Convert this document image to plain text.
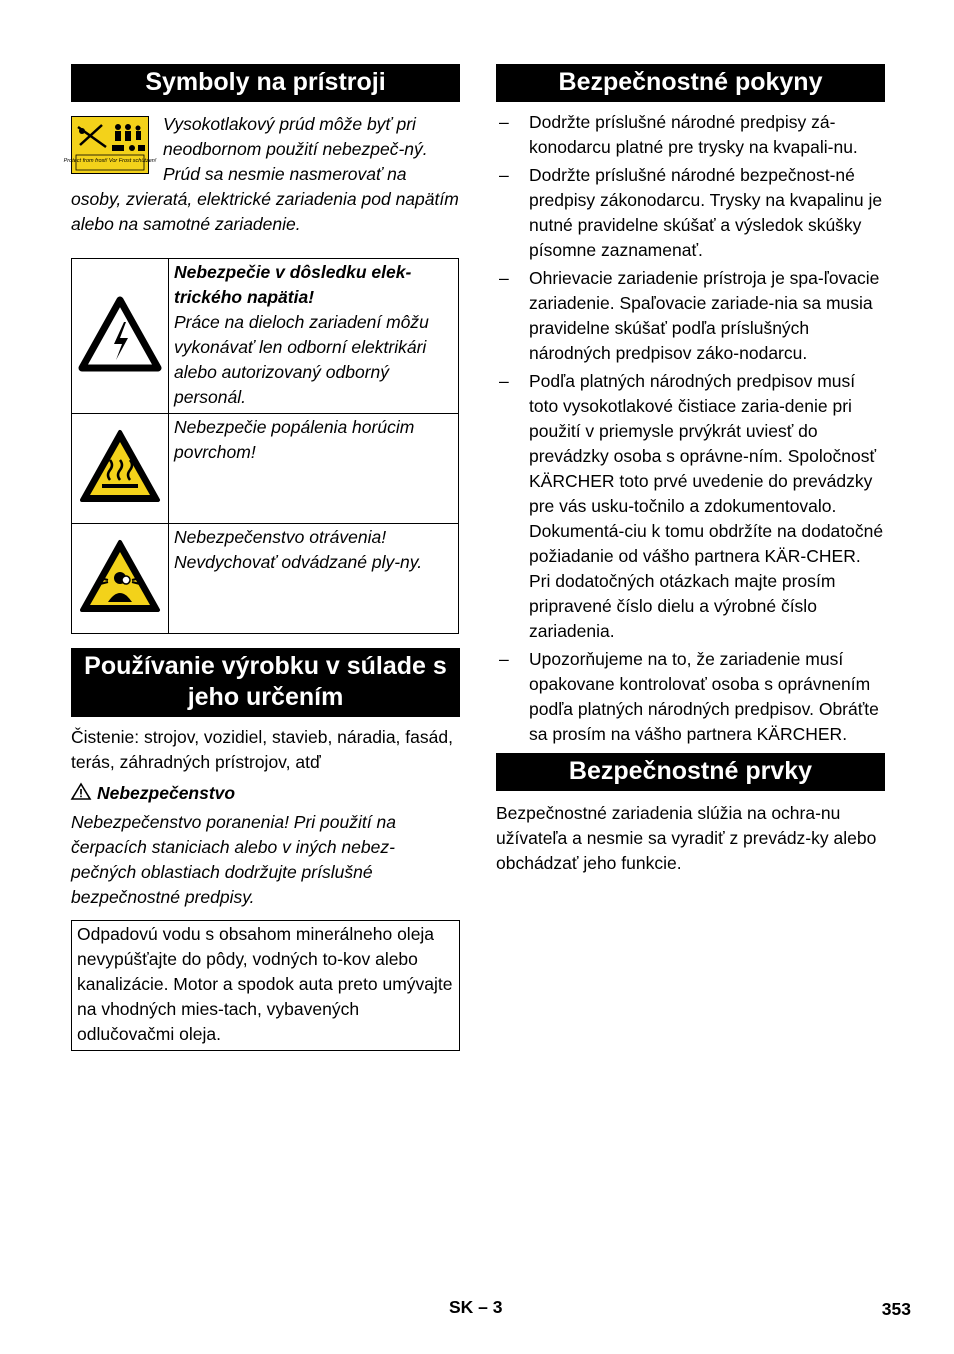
Symboly na prístroji
Protect from frost! Vor Frost schützen!
Vysokotlakový prúd môže byť pri neodbornom použití nebezpeč-ný. Prúd sa nesmie nasmerovať na osoby, zvieratá, elektrické zariadenia pod napätím alebo na samotné zariadenie.

Nebezpečie v dôsledku elek-trického napätia!
Práce na dieloch zariadení môžu vykonávať len odborní elektrikári alebo autorizovaný odborný personál.

Nebezpečie popálenia horúcim povrchom!

Nebezpečenstvo otrávenia! Nevdychovať odvádzané ply-ny.
Používanie výrobku v súlade s jeho určením
Čistenie: strojov, vozidiel, stavieb, náradia, fasád, terás, záhradných prístrojov, atď
Nebezpečenstvo
Nebezpečenstvo poranenia! Pri použití na čerpacích staniciach alebo v iných nebez-pečných oblastiach dodržujte príslušné bezpečnostné predpisy.
Odpadovú vodu s obsahom minerálneho oleja nevypúšťajte do pôdy, vodných to-kov alebo kanalizácie. Motor a spodok auta preto umývajte na vhodných mies-tach, vybavených odlučovačmi oleja.
Bezpečnostné pokyny
– Dodržte príslušné národné predpisy zá-konodarcu platné pre trysky na kvapali-nu.
– Dodržte príslušné národné bezpečnost-né predpisy zákonodarcu. Trysky na kvapalinu je nutné pravidelne skúšať a výsledok skúšky písomne zaznamenať.
– Ohrievacie zariadenie prístroja je spa-ľovacie zariadenie. Spaľovacie zariade-nia sa musia pravidelne skúšať podľa príslušných národných predpisov záko-nodarcu.
– Podľa platných národných predpisov musí toto vysokotlakové čistiace zaria-denie pri použití v priemysle prvýkrát uviesť do prevádzky osoba s oprávne-ním. Spoločnosť KÄRCHER toto prvé uvedenie do prevádzky pre vás usku-točnilo a zdokumentovalo. Dokumentá-ciu k tomu obdržíte na dodatočné požiadanie od vášho partnera KÄR-CHER. Pri dodatočných otázkach majte prosím pripravené číslo dielu a výrobné číslo zariadenia.
– Upozorňujeme na to, že zariadenie musí opakovane kontrolovať osoba s oprávnením podľa platných národných predpisov. Obráťte sa prosím na vášho partnera KÄRCHER.
Bezpečnostné prvky
Bezpečnostné zariadenia slúžia na ochra-nu užívateľa a nesmie sa vyradiť z prevádz-ky alebo obchádzať jeho funkcie.
SK – 3	353
